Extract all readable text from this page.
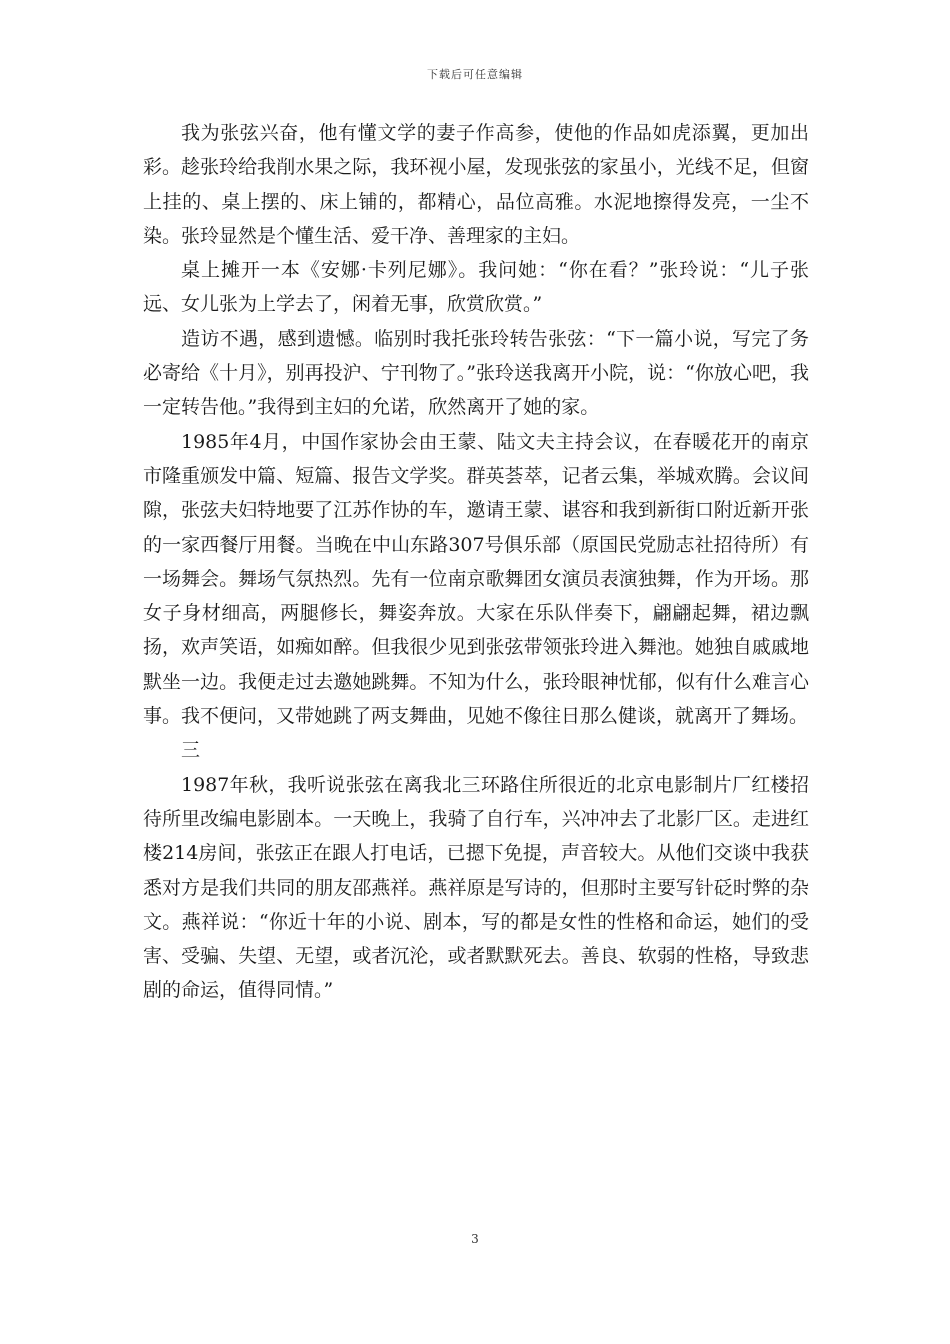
下载后可任意编辑

我为张弦兴奋，他有懂文学的妻子作高参，使他的作品如虎添翼，更加出彩。趁张玲给我削水果之际，我环视小屋，发现张弦的家虽小，光线不足，但窗上挂的、桌上摆的、床上铺的，都精心，品位高雅。水泥地擦得发亮，一尘不染。张玲显然是个懂生活、爱干净、善理家的主妇。

桌上摊开一本《安娜·卡列尼娜》。我问她：“你在看？”张玲说：“儿子张远、女儿张为上学去了，闲着无事，欣赏欣赏。”

造访不遇，感到遗憾。临别时我托张玲转告张弦：“下一篇小说，写完了务必寄给《十月》，别再投沪、宁刊物了。”张玲送我离开小院，说：“你放心吧，我一定转告他。”我得到主妇的允诺，欣然离开了她的家。

1985年4月，中国作家协会由王蒙、陆文夫主持会议，在春暖花开的南京市隆重颁发中篇、短篇、报告文学奖。群英荟萃，记者云集，举城欢腾。会议间隙，张弦夫妇特地要了江苏作协的车，邀请王蒙、谌容和我到新街口附近新开张的一家西餐厅用餐。当晚在中山东路307号俱乐部（原国民党励志社招待所）有一场舞会。舞场气氛热烈。先有一位南京歌舞团女演员表演独舞，作为开场。那女子身材细高，两腿修长，舞姿奔放。大家在乐队伴奏下，翩翩起舞，裙边飘扬，欢声笑语，如痴如醉。但我很少见到张弦带领张玲进入舞池。她独自戚戚地默坐一边。我便走过去邀她跳舞。不知为什么，张玲眼神忧郁，似有什么难言心事。我不便问，又带她跳了两支舞曲，见她不像往日那么健谈，就离开了舞场。

三

1987年秋，我听说张弦在离我北三环路住所很近的北京电影制片厂红楼招待所里改编电影剧本。一天晚上，我骑了自行车，兴冲冲去了北影厂区。走进红楼214房间，张弦正在跟人打电话，已摁下免提，声音较大。从他们交谈中我获悉对方是我们共同的朋友邵燕祥。燕祥原是写诗的，但那时主要写针砭时弊的杂文。燕祥说：“你近十年的小说、剧本，写的都是女性的性格和命运，她们的受害、受骗、失望、无望，或者沉沦，或者默默死去。善良、软弱的性格，导致悲剧的命运，值得同情。”

3
